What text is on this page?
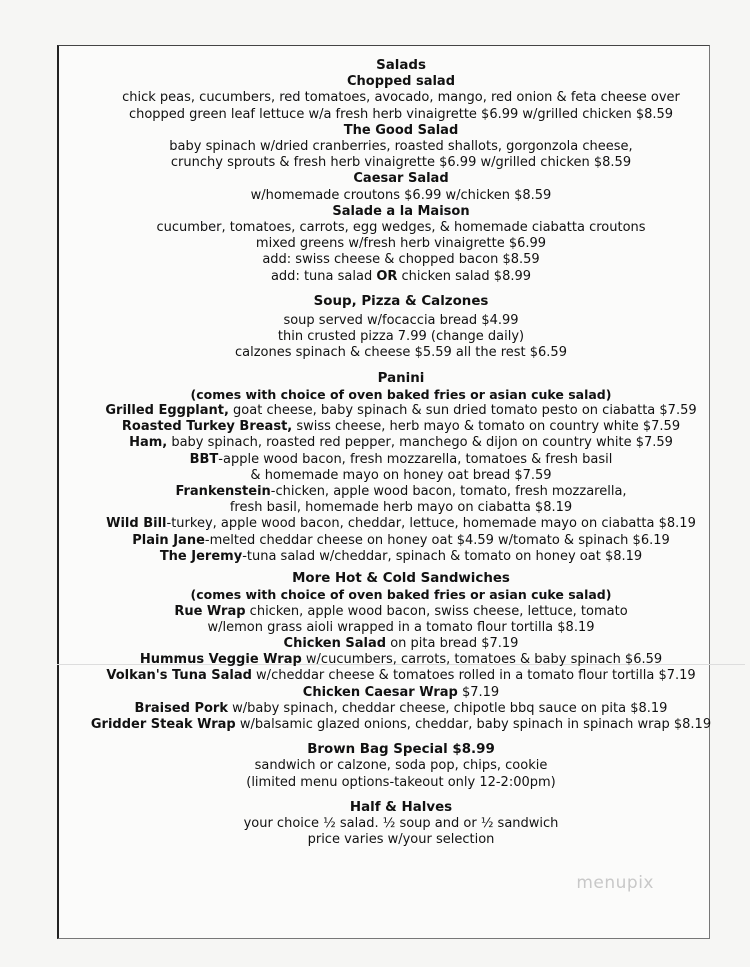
Salads
Chopped salad
chick peas, cucumbers, red tomatoes, avocado, mango, red onion & feta cheese over
chopped green leaf lettuce w/a fresh herb vinaigrette $6.99 w/grilled chicken $8.59
The Good Salad
baby spinach w/dried cranberries, roasted shallots, gorgonzola cheese,
crunchy sprouts & fresh herb vinaigrette $6.99 w/grilled chicken $8.59
Caesar Salad
w/homemade croutons $6.99 w/chicken $8.59
Salade a la Maison
cucumber, tomatoes, carrots, egg wedges, & homemade ciabatta croutons
mixed greens w/fresh herb vinaigrette $6.99
add: swiss cheese & chopped bacon $8.59
add: tuna salad OR chicken salad $8.99
Soup, Pizza & Calzones
soup served w/focaccia bread $4.99
thin crusted pizza 7.99 (change daily)
calzones spinach & cheese $5.59 all the rest $6.59
Panini
(comes with choice of oven baked fries or asian cuke salad)
Grilled Eggplant, goat cheese, baby spinach & sun dried tomato pesto on ciabatta $7.59
Roasted Turkey Breast, swiss cheese, herb mayo & tomato on country white $7.59
Ham, baby spinach, roasted red pepper, manchego & dijon on country white $7.59
BBT-apple wood bacon, fresh mozzarella, tomatoes & fresh basil
& homemade mayo on honey oat bread $7.59
Frankenstein-chicken, apple wood bacon, tomato, fresh mozzarella,
fresh basil, homemade herb mayo on ciabatta $8.19
Wild Bill-turkey, apple wood bacon, cheddar, lettuce, homemade mayo on ciabatta $8.19
Plain Jane-melted cheddar cheese on honey oat $4.59 w/tomato & spinach $6.19
The Jeremy-tuna salad w/cheddar, spinach & tomato on honey oat $8.19
More Hot & Cold Sandwiches
(comes with choice of oven baked fries or asian cuke salad)
Rue Wrap chicken, apple wood bacon, swiss cheese, lettuce, tomato
w/lemon grass aioli wrapped in a tomato flour tortilla $8.19
Chicken Salad on pita bread $7.19
Hummus Veggie Wrap w/cucumbers, carrots, tomatoes & baby spinach $6.59
Volkan's Tuna Salad w/cheddar cheese & tomatoes rolled in a tomato flour tortilla $7.19
Chicken Caesar Wrap $7.19
Braised Pork w/baby spinach, cheddar cheese, chipotle bbq sauce on pita $8.19
Gridder Steak Wrap w/balsamic glazed onions, cheddar, baby spinach in spinach wrap $8.19
Brown Bag Special $8.99
sandwich or calzone, soda pop, chips, cookie
(limited menu options-takeout only 12-2:00pm)
Half & Halves
your choice ½ salad. ½ soup and or ½ sandwich
price varies w/your selection
menupix
